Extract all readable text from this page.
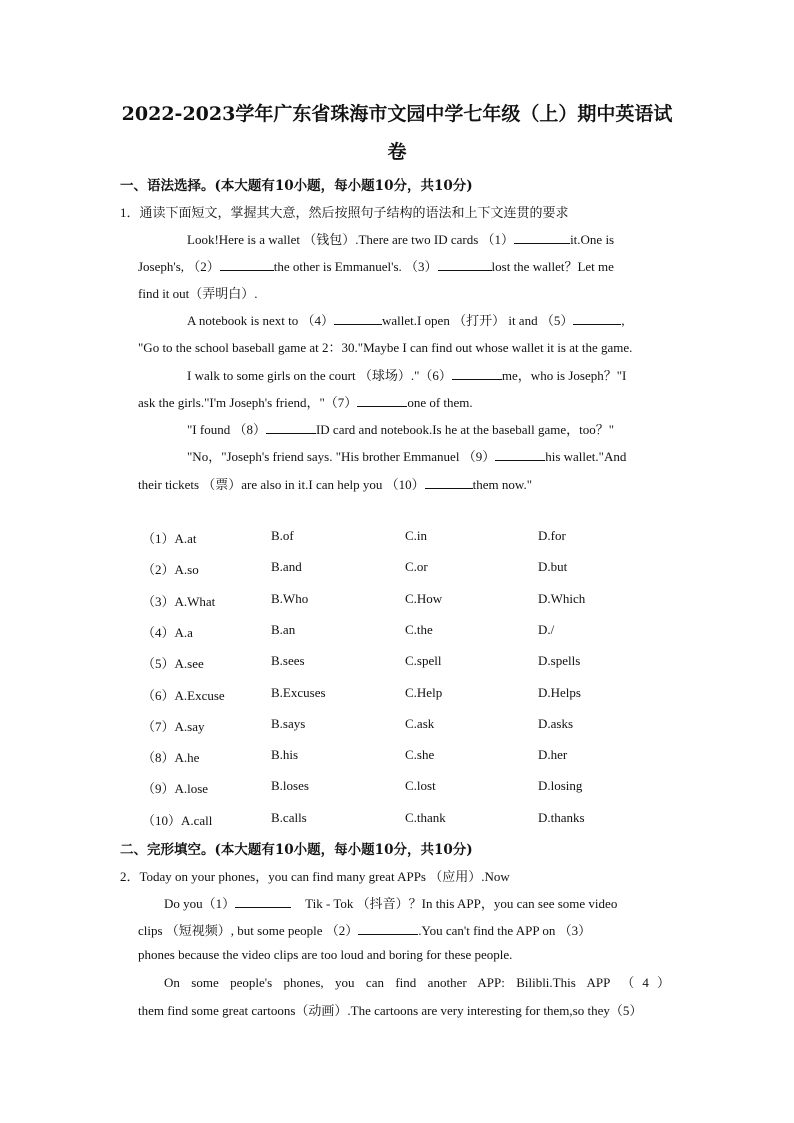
2022-2023学年广东省珠海市文园中学七年级（上）期中英语试
卷
一、语法选择。(本大题有10小题，每小题10分，共10分)
1．通读下面短文，掌握其大意，然后按照句子结构的语法和上下文连贯的要求
Look!Here is a wallet （钱包）.There are two ID cards （1）	it.One is
Joseph's, （2）	the other is Emmanuel's. （3）	lost the wallet？Let me
find it out（弄明白）.
A notebook is next to （4）	wallet.I open （打开） it and （5）	,
"Go to the school baseball game at 2：30."Maybe I can find out whose wallet it is at the game.
I walk to some girls on the court （球场）."（6）	me，who is Joseph？"I
ask the girls."I'm Joseph's friend，"（7）	one of them.
"I found （8）	ID card and notebook.Is he at the baseball game，too？"
"No，"Joseph's friend says. "His brother Emmanuel （9）	his wallet."And
their tickets （票）are also in it.I can help you （10）	them now."
（1）A.at	B.of	C.in	D.for
（2）A.so	B.and	C.or	D.but
（3）A.What	B.Who	C.How	D.Which
（4）A.a	B.an	C.the	D./
（5）A.see	B.sees	C.spell	D.spells
（6）A.Excuse	B.Excuses	C.Help	D.Helps
（7）A.say	B.says	C.ask	D.asks
（8）A.he	B.his	C.she	D.her
（9）A.lose	B.loses	C.lost	D.losing
（10）A.call	B.calls	C.thank	D.thanks
二、完形填空。(本大题有10小题，每小题10分，共10分)
2．Today on your phones，you can find many great APPs （应用）.Now
Do you（1）	Tik - Tok （抖音）？In this APP，you can see some video
clips （短视频）, but some people （2）	.You can't find the APP on （3）
phones because the video clips are too loud and boring for these people.
On some people's phones, you can find another APP: Bilibli.This APP （4）
them find some great cartoons（动画）.The cartoons are very interesting for them,so they（5）
